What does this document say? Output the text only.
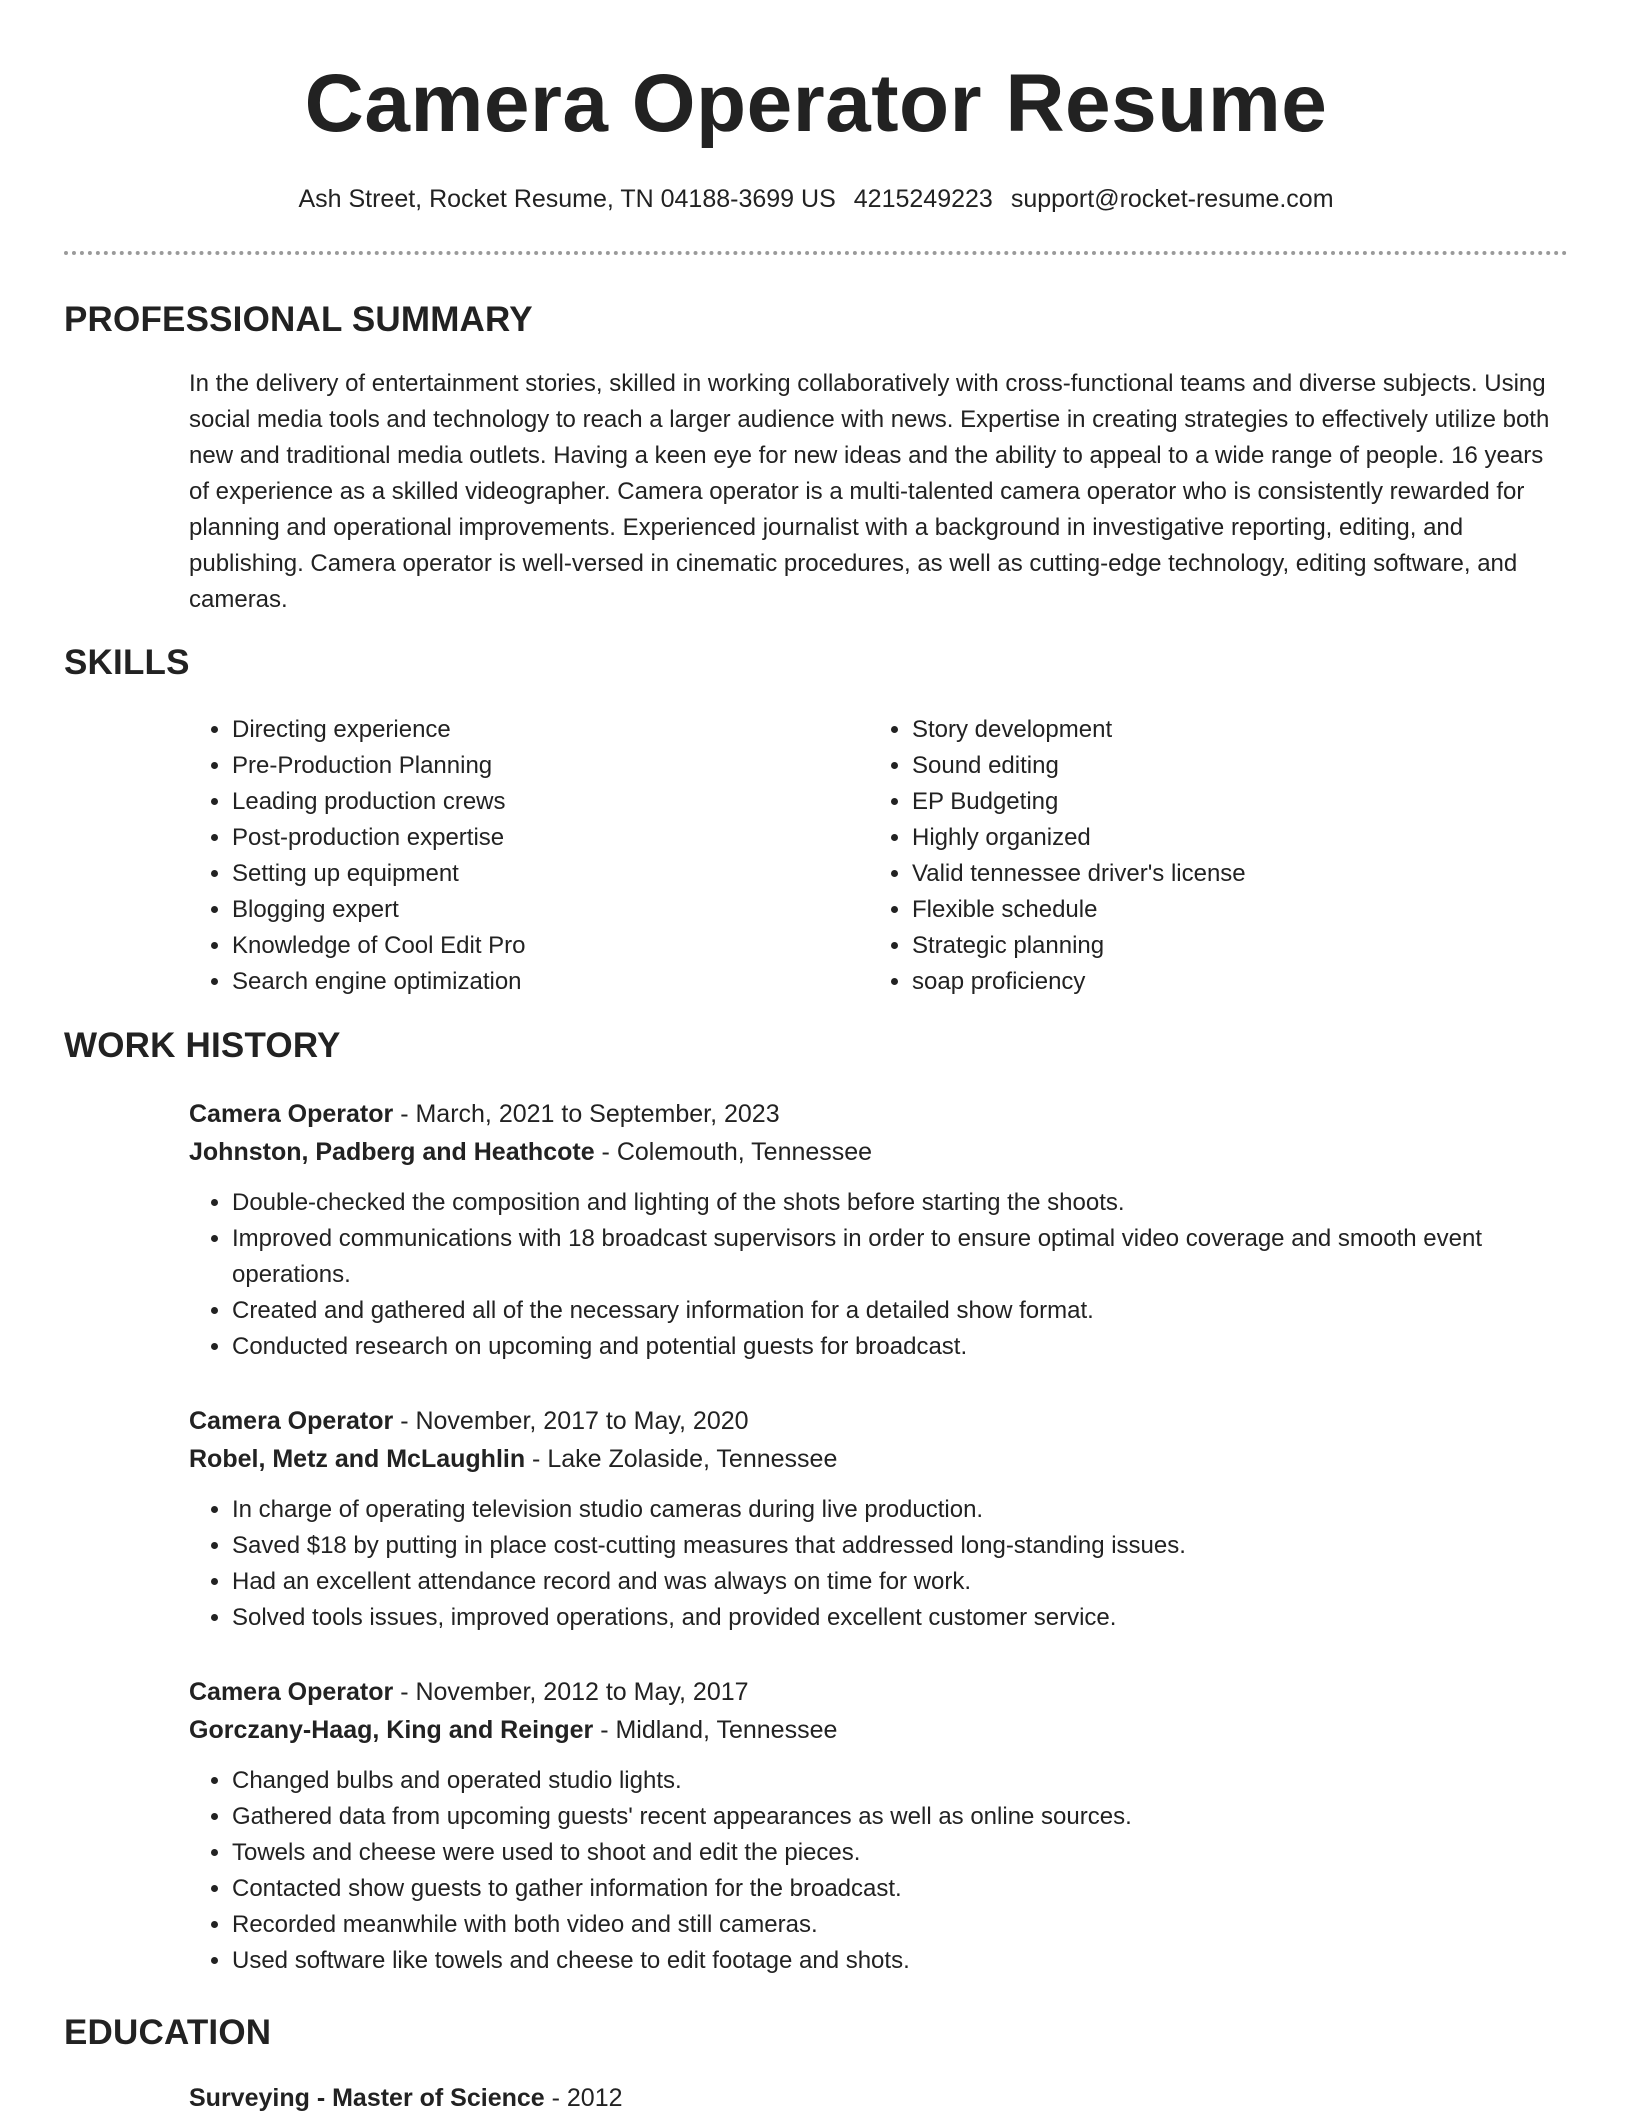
Camera Operator Resume
Ash Street, Rocket Resume, TN 04188-3699 US 4215249223 support@rocket-resume.com
PROFESSIONAL SUMMARY

In the delivery of entertainment stories, skilled in working collaboratively with cross-functional teams and diverse subjects. Using social media tools and technology to reach a larger audience with news. Expertise in creating strategies to effectively utilize both new and traditional media outlets. Having a keen eye for new ideas and the ability to appeal to a wide range of people. 16 years of experience as a skilled videographer. Camera operator is a multi-talented camera operator who is consistently rewarded for planning and operational improvements. Experienced journalist with a background in investigative reporting, editing, and publishing. Camera operator is well-versed in cinematic procedures, as well as cutting-edge technology, editing software, and cameras.

SKILLS
• Directing experience
• Pre-Production Planning
• Leading production crews
• Post-production expertise
• Setting up equipment
• Blogging expert
• Knowledge of Cool Edit Pro
• Search engine optimization
• Story development
• Sound editing
• EP Budgeting
• Highly organized
• Valid tennessee driver's license
• Flexible schedule
• Strategic planning
• soap proficiency
WORK HISTORY
Camera Operator - March, 2021 to September, 2023
Johnston, Padberg and Heathcote - Colemouth, Tennessee
• Double-checked the composition and lighting of the shots before starting the shoots.
• Improved communications with 18 broadcast supervisors in order to ensure optimal video coverage and smooth event operations.
• Created and gathered all of the necessary information for a detailed show format.
• Conducted research on upcoming and potential guests for broadcast.
Camera Operator - November, 2017 to May, 2020
Robel, Metz and McLaughlin - Lake Zolaside, Tennessee
• In charge of operating television studio cameras during live production.
• Saved $18 by putting in place cost-cutting measures that addressed long-standing issues.
• Had an excellent attendance record and was always on time for work.
• Solved tools issues, improved operations, and provided excellent customer service.
Camera Operator - November, 2012 to May, 2017
Gorczany-Haag, King and Reinger - Midland, Tennessee
• Changed bulbs and operated studio lights.
• Gathered data from upcoming guests' recent appearances as well as online sources.
• Towels and cheese were used to shoot and edit the pieces.
• Contacted show guests to gather information for the broadcast.
• Recorded meanwhile with both video and still cameras.
• Used software like towels and cheese to edit footage and shots.
EDUCATION
Surveying - Master of Science - 2012
